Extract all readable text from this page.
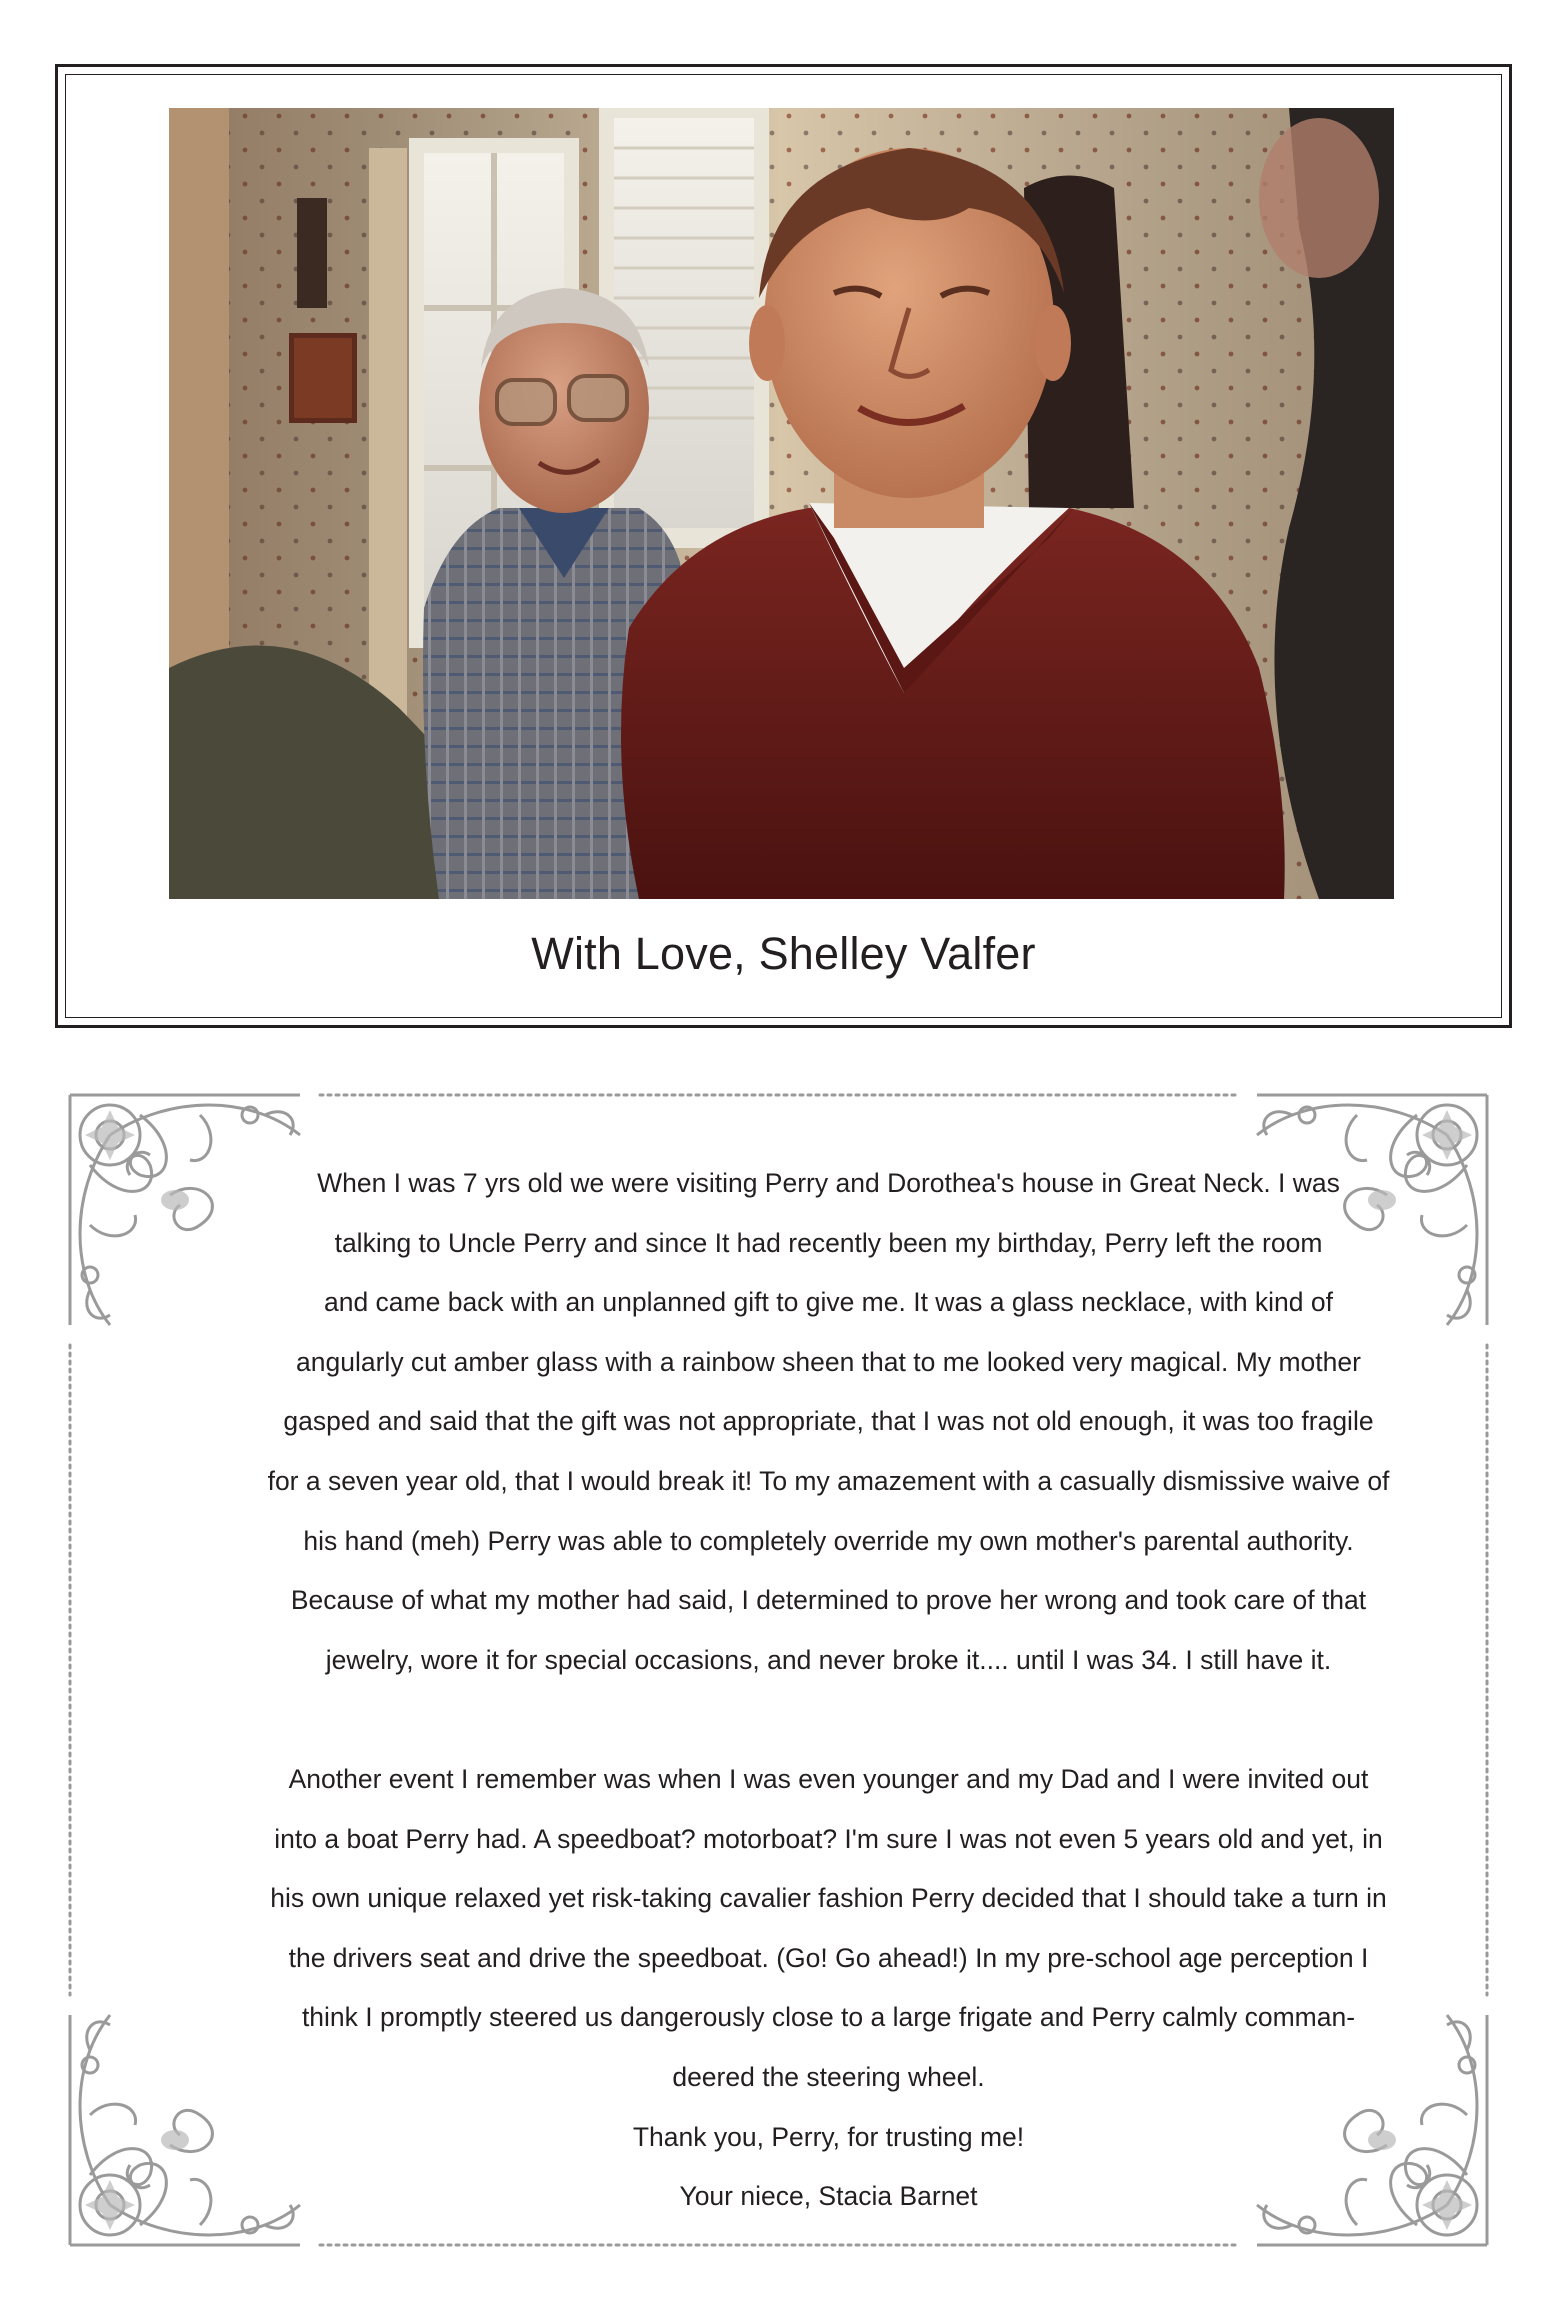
With Love, Shelley Valfer

When I was 7 yrs old we were visiting Perry and Dorothea's house in Great Neck. I was

talking to Uncle Perry and since It had recently been my birthday, Perry left the room

and came back with an unplanned gift to give me. It was a glass necklace, with kind of

angularly cut amber glass with a rainbow sheen that to me looked very magical. My mother

gasped and said that the gift was not appropriate, that I was not old enough, it was too fragile

for a seven year old, that I would break it! To my amazement with a casually dismissive waive of

his hand (meh) Perry was able to completely override my own mother's parental authority.

Because of what my mother had said, I determined to prove her wrong and took care of that

jewelry, wore it for special occasions, and never broke it.... until I was 34. I still have it.

Another event I remember was when I was even younger and my Dad and I were invited out

into a boat Perry had. A speedboat? motorboat? I'm sure I was not even 5 years old and yet, in

his own unique relaxed yet risk-taking cavalier fashion Perry decided that I should take a turn in

the drivers seat and drive the speedboat. (Go! Go ahead!) In my pre-school age perception I

think I promptly steered us dangerously close to a large frigate and Perry calmly comman-

deered the steering wheel.

Thank you, Perry, for trusting me!

Your niece, Stacia Barnet
